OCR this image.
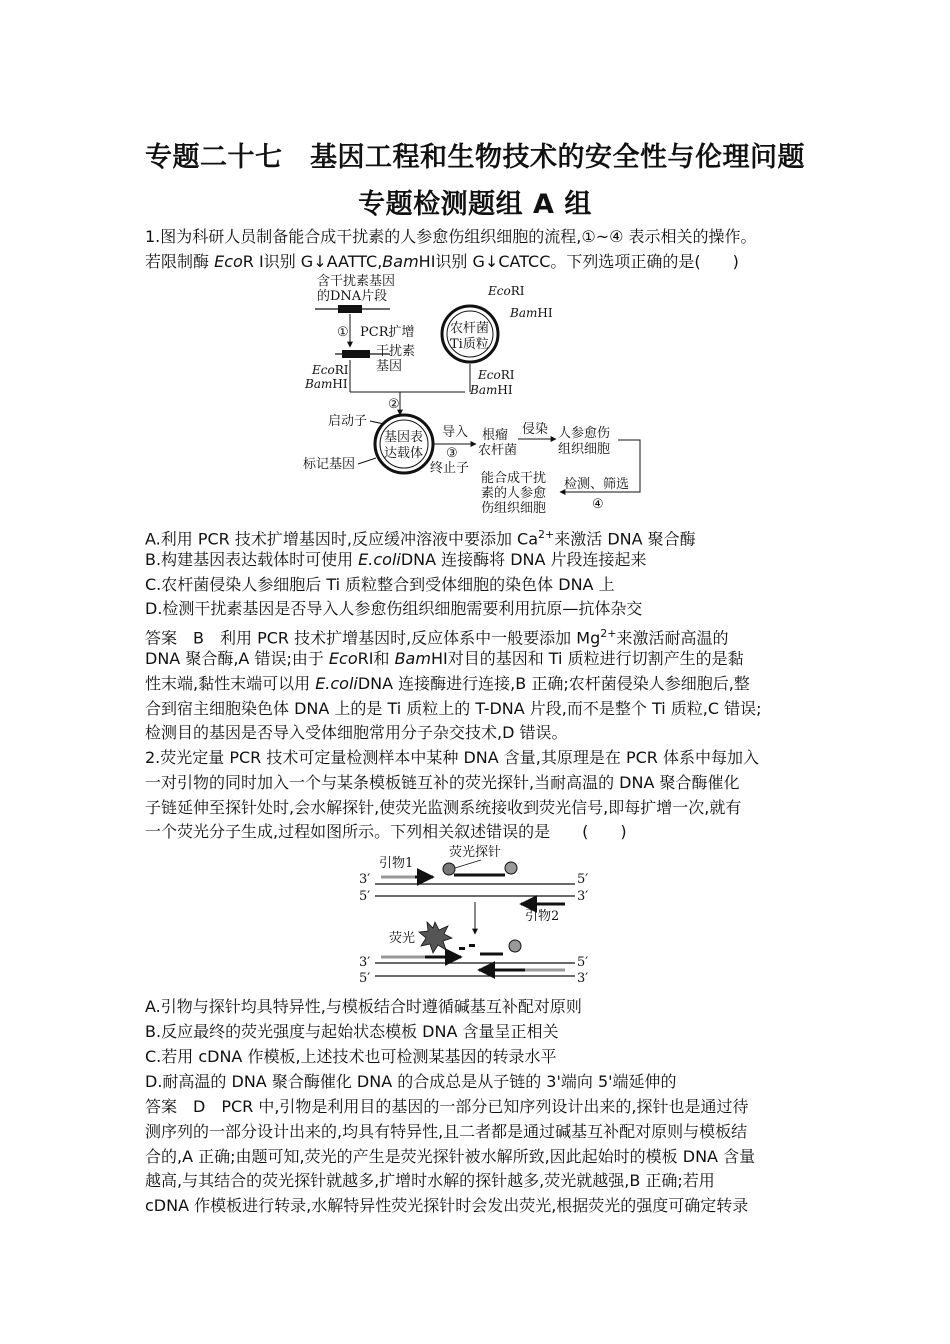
专题二十七　基因工程和生物技术的安全性与伦理问题
专题检测题组 A 组
1.图为科研人员制备能合成干扰素的人参愈伤组织细胞的流程,①~④ 表示相关的操作。
若限制酶 EcoR Ⅰ识别 G↓AATTC,BamHⅠ识别 G↓CATCC。下列选项正确的是(　　)
含干扰素基因
的DNA片段
① PCR扩增
干扰素
基因
EcoRⅠ
BamHⅠ
农杆菌
Ti质粒
EcoRⅠ
BamHⅠ
EcoRⅠ
BamHⅠ
②
基因表
达载体
启动子
标记基因	终止子
导入
③
根瘤
农杆菌
侵染 人参愈伤
组织细胞
检测、筛选
④
能合成干扰
素的人参愈
伤组织细胞
A.利用 PCR 技术扩增基因时,反应缓冲溶液中要添加 $Ca^{2+}$来激活 DNA 聚合酶
B.构建基因表达载体时可使用 E.coliDNA 连接酶将 DNA 片段连接起来
C.农杆菌侵染人参细胞后 Ti 质粒整合到受体细胞的染色体 DNA 上
D.检测干扰素基因是否导入人参愈伤组织细胞需要利用抗原—抗体杂交
答案　B　利用 PCR 技术扩增基因时,反应体系中一般要添加 $Mg^{2+}$来激活耐高温的
DNA 聚合酶,A 错误;由于 EcoRⅠ和 BamHⅠ对目的基因和 Ti 质粒进行切割产生的是黏
性末端,黏性末端可以用 E.coliDNA 连接酶进行连接,B 正确;农杆菌侵染人参细胞后,整
合到宿主细胞染色体 DNA 上的是 Ti 质粒上的 T-DNA 片段,而不是整个 Ti 质粒,C 错误;
检测目的基因是否导入受体细胞常用分子杂交技术,D 错误。
2.荧光定量 PCR 技术可定量检测样本中某种 DNA 含量,其原理是在 PCR 体系中每加入
一对引物的同时加入一个与某条模板链互补的荧光探针,当耐高温的 DNA 聚合酶催化
子链延伸至探针处时,会水解探针,使荧光监测系统接收到荧光信号,即每扩增一次,就有
一个荧光分子生成,过程如图所示。下列相关叙述错误的是　　(　　)
引物1
荧光探针
3′	5′
5′	3′
引物2
荧光
3′	5′
5′	3′
A.引物与探针均具特异性,与模板结合时遵循碱基互补配对原则
B.反应最终的荧光强度与起始状态模板 DNA 含量呈正相关
C.若用 cDNA 作模板,上述技术也可检测某基因的转录水平
D.耐高温的 DNA 聚合酶催化 DNA 的合成总是从子链的 3'端向 5'端延伸的
答案　D　PCR 中,引物是利用目的基因的一部分已知序列设计出来的,探针也是通过待
测序列的一部分设计出来的,均具有特异性,且二者都是通过碱基互补配对原则与模板结
合的,A 正确;由题可知,荧光的产生是荧光探针被水解所致,因此起始时的模板 DNA 含量
越高,与其结合的荧光探针就越多,扩增时水解的探针越多,荧光就越强,B 正确;若用
cDNA 作模板进行转录,水解特异性荧光探针时会发出荧光,根据荧光的强度可确定转录
